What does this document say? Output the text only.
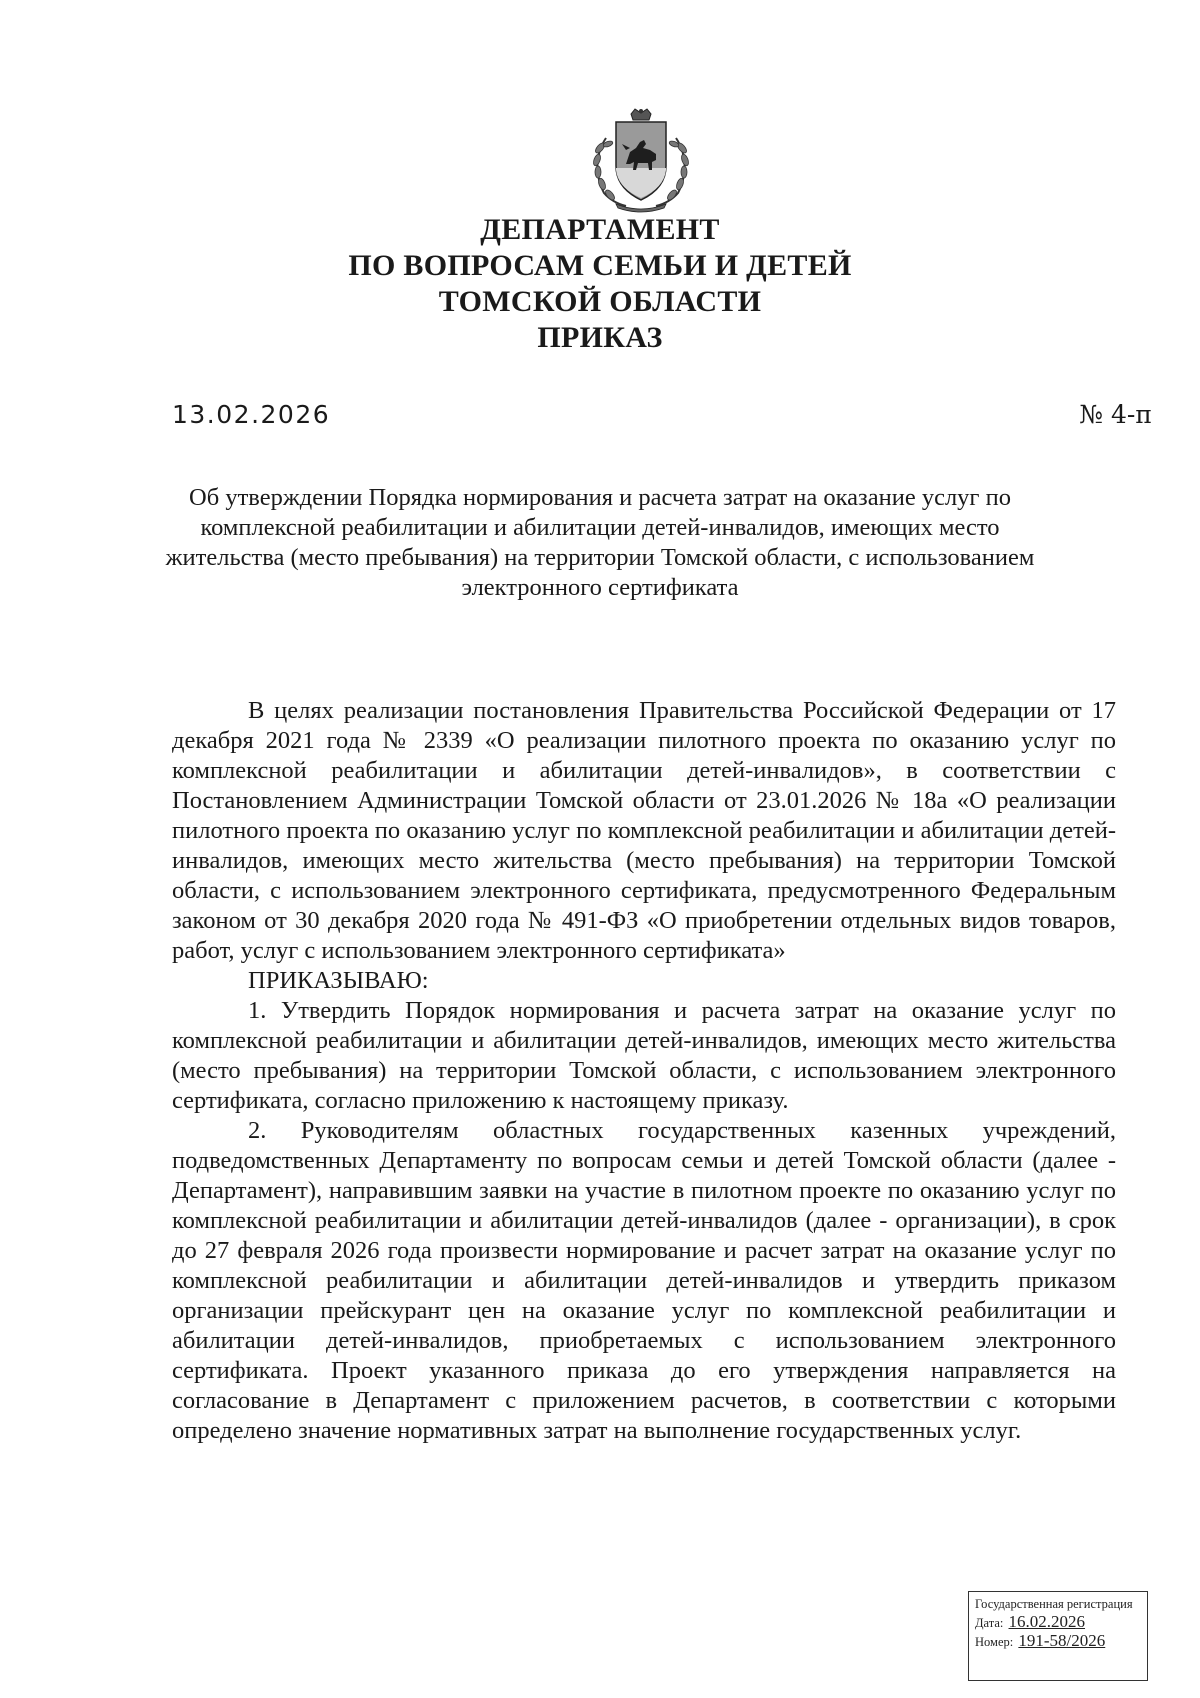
ДЕПАРТАМЕНТ
ПО ВОПРОСАМ СЕМЬИ И ДЕТЕЙ
ТОМСКОЙ ОБЛАСТИ
ПРИКАЗ
13.02.2026	№ 4-п
Об утверждении Порядка нормирования и расчета затрат на оказание услуг по комплексной реабилитации и абилитации детей-инвалидов, имеющих место жительства (место пребывания) на территории Томской области, с использованием электронного сертификата

В целях реализации постановления Правительства Российской Федерации от 17 декабря 2021 года № 2339 «О реализации пилотного проекта по оказанию услуг по комплексной реабилитации и абилитации детей-инвалидов», в соответствии с Постановлением Администрации Томской области от 23.01.2026 № 18а «О реализации пилотного проекта по оказанию услуг по комплексной реабилитации и абилитации детей-инвалидов, имеющих место жительства (место пребывания) на территории Томской области, с использованием электронного сертификата, предусмотренного Федеральным законом от 30 декабря 2020 года № 491-ФЗ «О приобретении отдельных видов товаров, работ, услуг с использованием электронного сертификата»

ПРИКАЗЫВАЮ:

1. Утвердить Порядок нормирования и расчета затрат на оказание услуг по комплексной реабилитации и абилитации детей-инвалидов, имеющих место жительства (место пребывания) на территории Томской области, с использованием электронного сертификата, согласно приложению к настоящему приказу.

2. Руководителям областных государственных казенных учреждений, подведомственных Департаменту по вопросам семьи и детей Томской области (далее - Департамент), направившим заявки на участие в пилотном проекте по оказанию услуг по комплексной реабилитации и абилитации детей-инвалидов (далее - организации), в срок до 27 февраля 2026 года произвести нормирование и расчет затрат на оказание услуг по комплексной реабилитации и абилитации детей-инвалидов и утвердить приказом организации прейскурант цен на оказание услуг по комплексной реабилитации и абилитации детей-инвалидов, приобретаемых с использованием электронного сертификата. Проект указанного приказа до его утверждения направляется на согласование в Департамент с приложением расчетов, в соответствии с которыми определено значение нормативных затрат на выполнение государственных услуг.

Государственная регистрация
Дата: 16.02.2026
Номер: 191-58/2026
